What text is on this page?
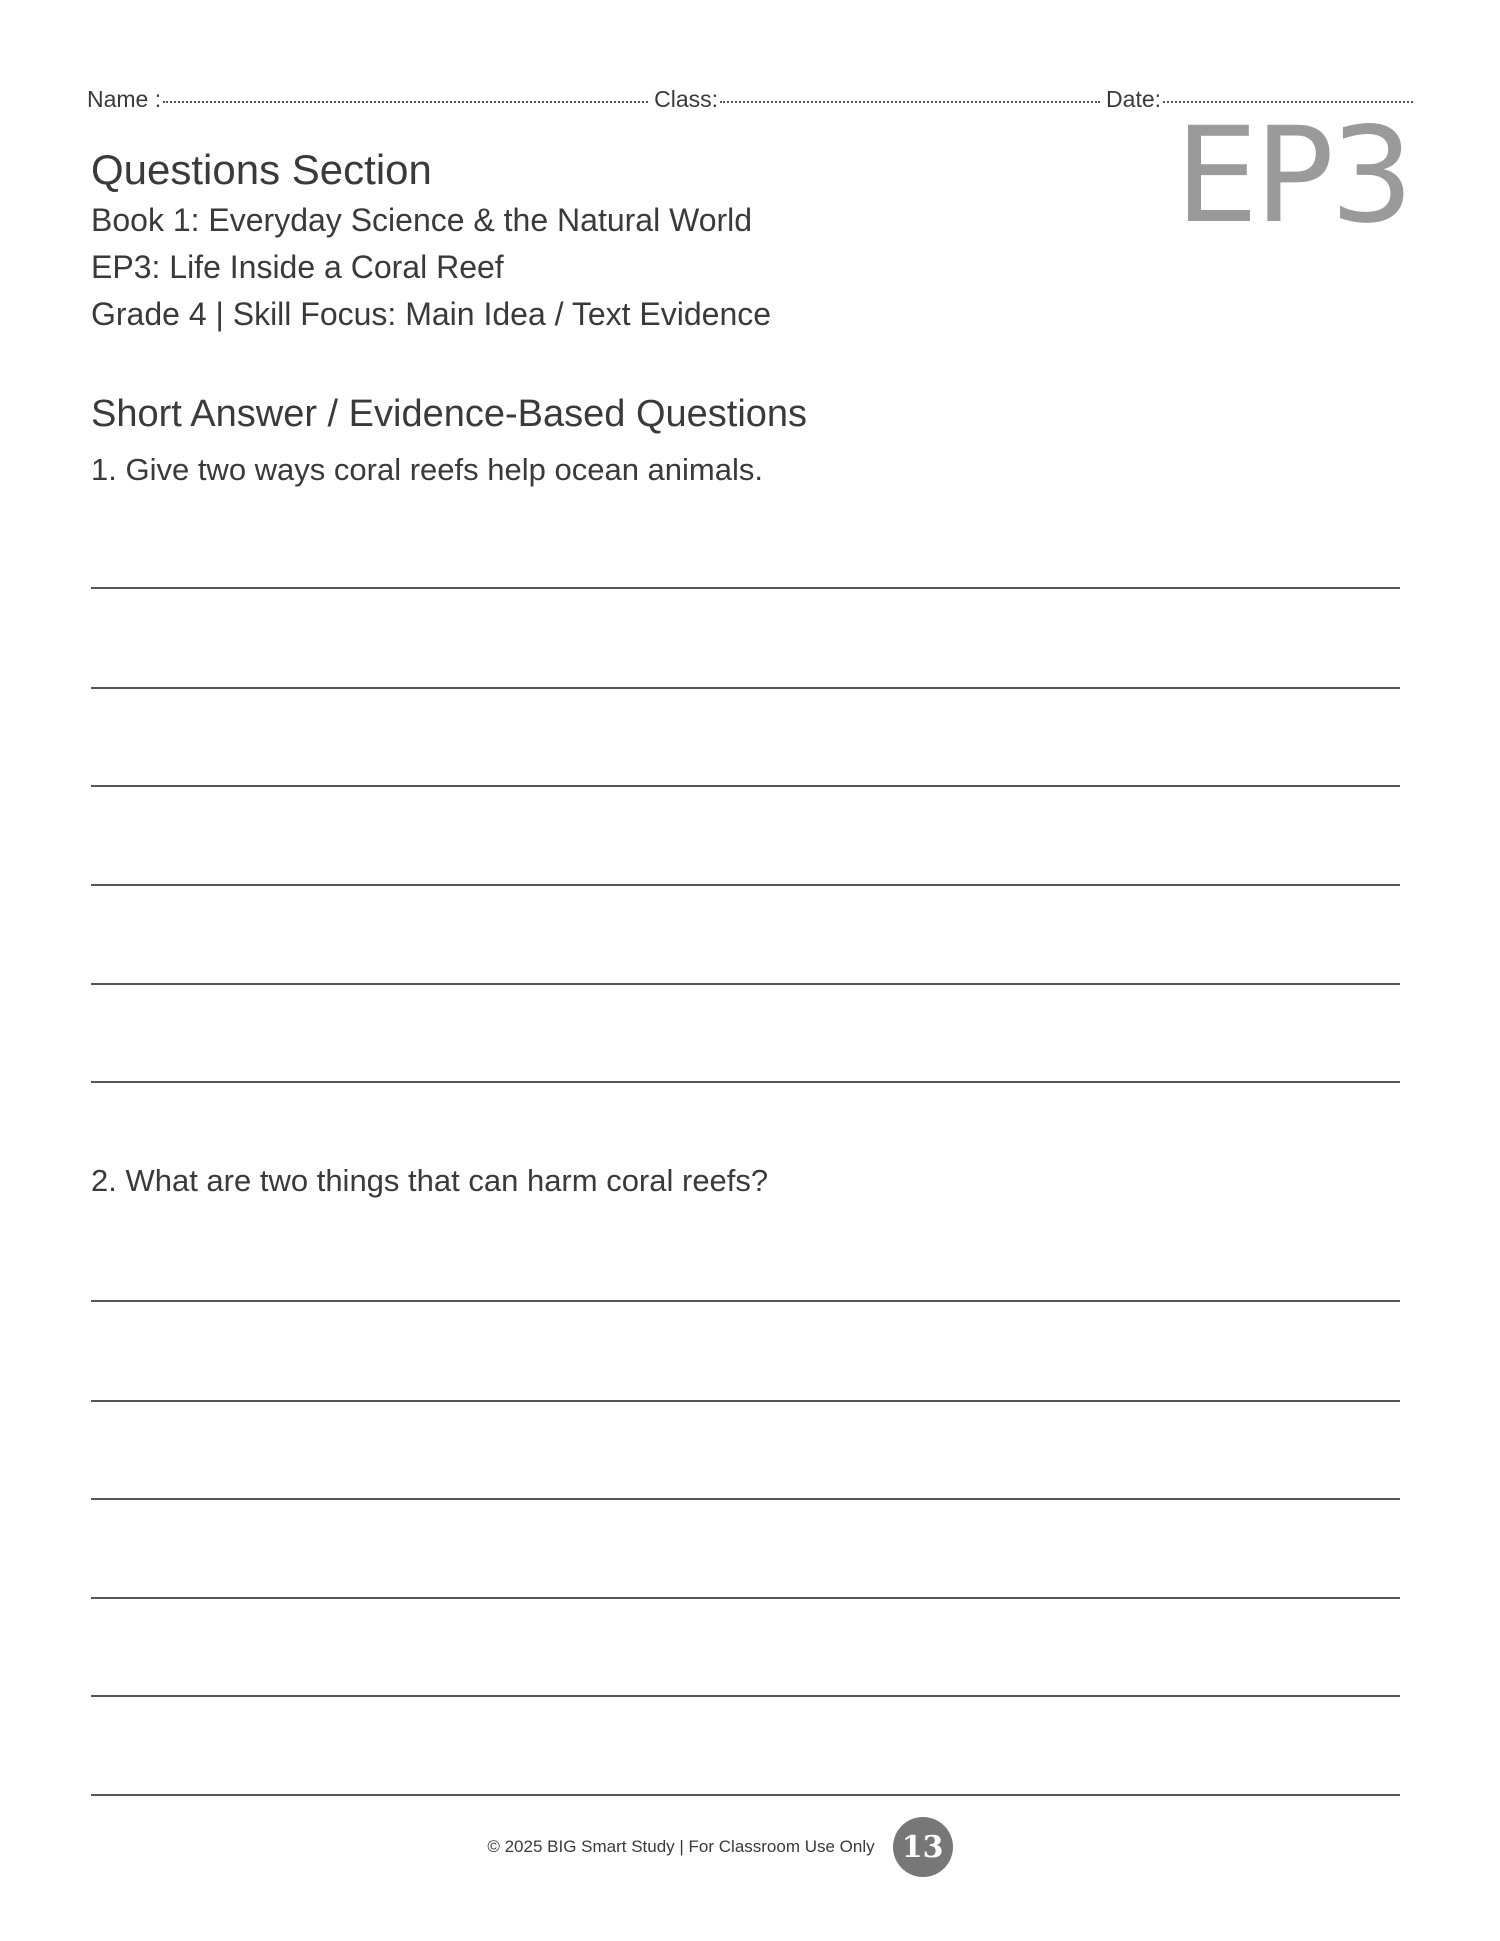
Name :	Class:	Date: EP3
Questions Section
Book 1: Everyday Science & the Natural World
EP3: Life Inside a Coral Reef
Grade 4 | Skill Focus: Main Idea / Text Evidence
Short Answer / Evidence-Based Questions
1. Give two ways coral reefs help ocean animals.
2. What are two things that can harm coral reefs?
© 2025 BIG Smart Study | For Classroom Use Only 13
